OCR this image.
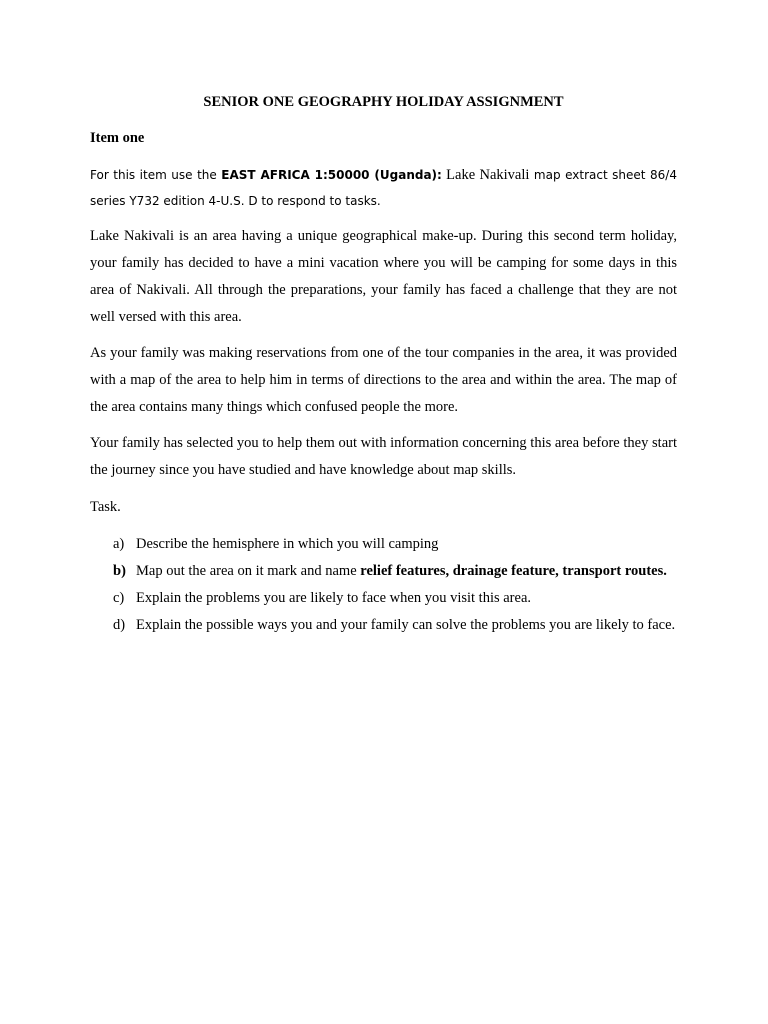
SENIOR ONE GEOGRAPHY HOLIDAY ASSIGNMENT

Item one

For this item use the EAST AFRICA 1:50000 (Uganda): Lake Nakivali map extract sheet 86/4 series Y732 edition 4-U.S. D to respond to tasks.

Lake Nakivali is an area having a unique geographical make-up. During this second term holiday, your family has decided to have a mini vacation where you will be camping for some days in this area of Nakivali. All through the preparations, your family has faced a challenge that they are not well versed with this area.

As your family was making reservations from one of the tour companies in the area, it was provided with a map of the area to help him in terms of directions to the area and within the area. The map of the area contains many things which confused people the more.

Your family has selected you to help them out with information concerning this area before they start the journey since you have studied and have knowledge about map skills.

Task.

a) Describe the hemisphere in which you will camping
b) Map out the area on it mark and name relief features, drainage feature, transport routes.
c) Explain the problems you are likely to face when you visit this area.
d) Explain the possible ways you and your family can solve the problems you are likely to face.
